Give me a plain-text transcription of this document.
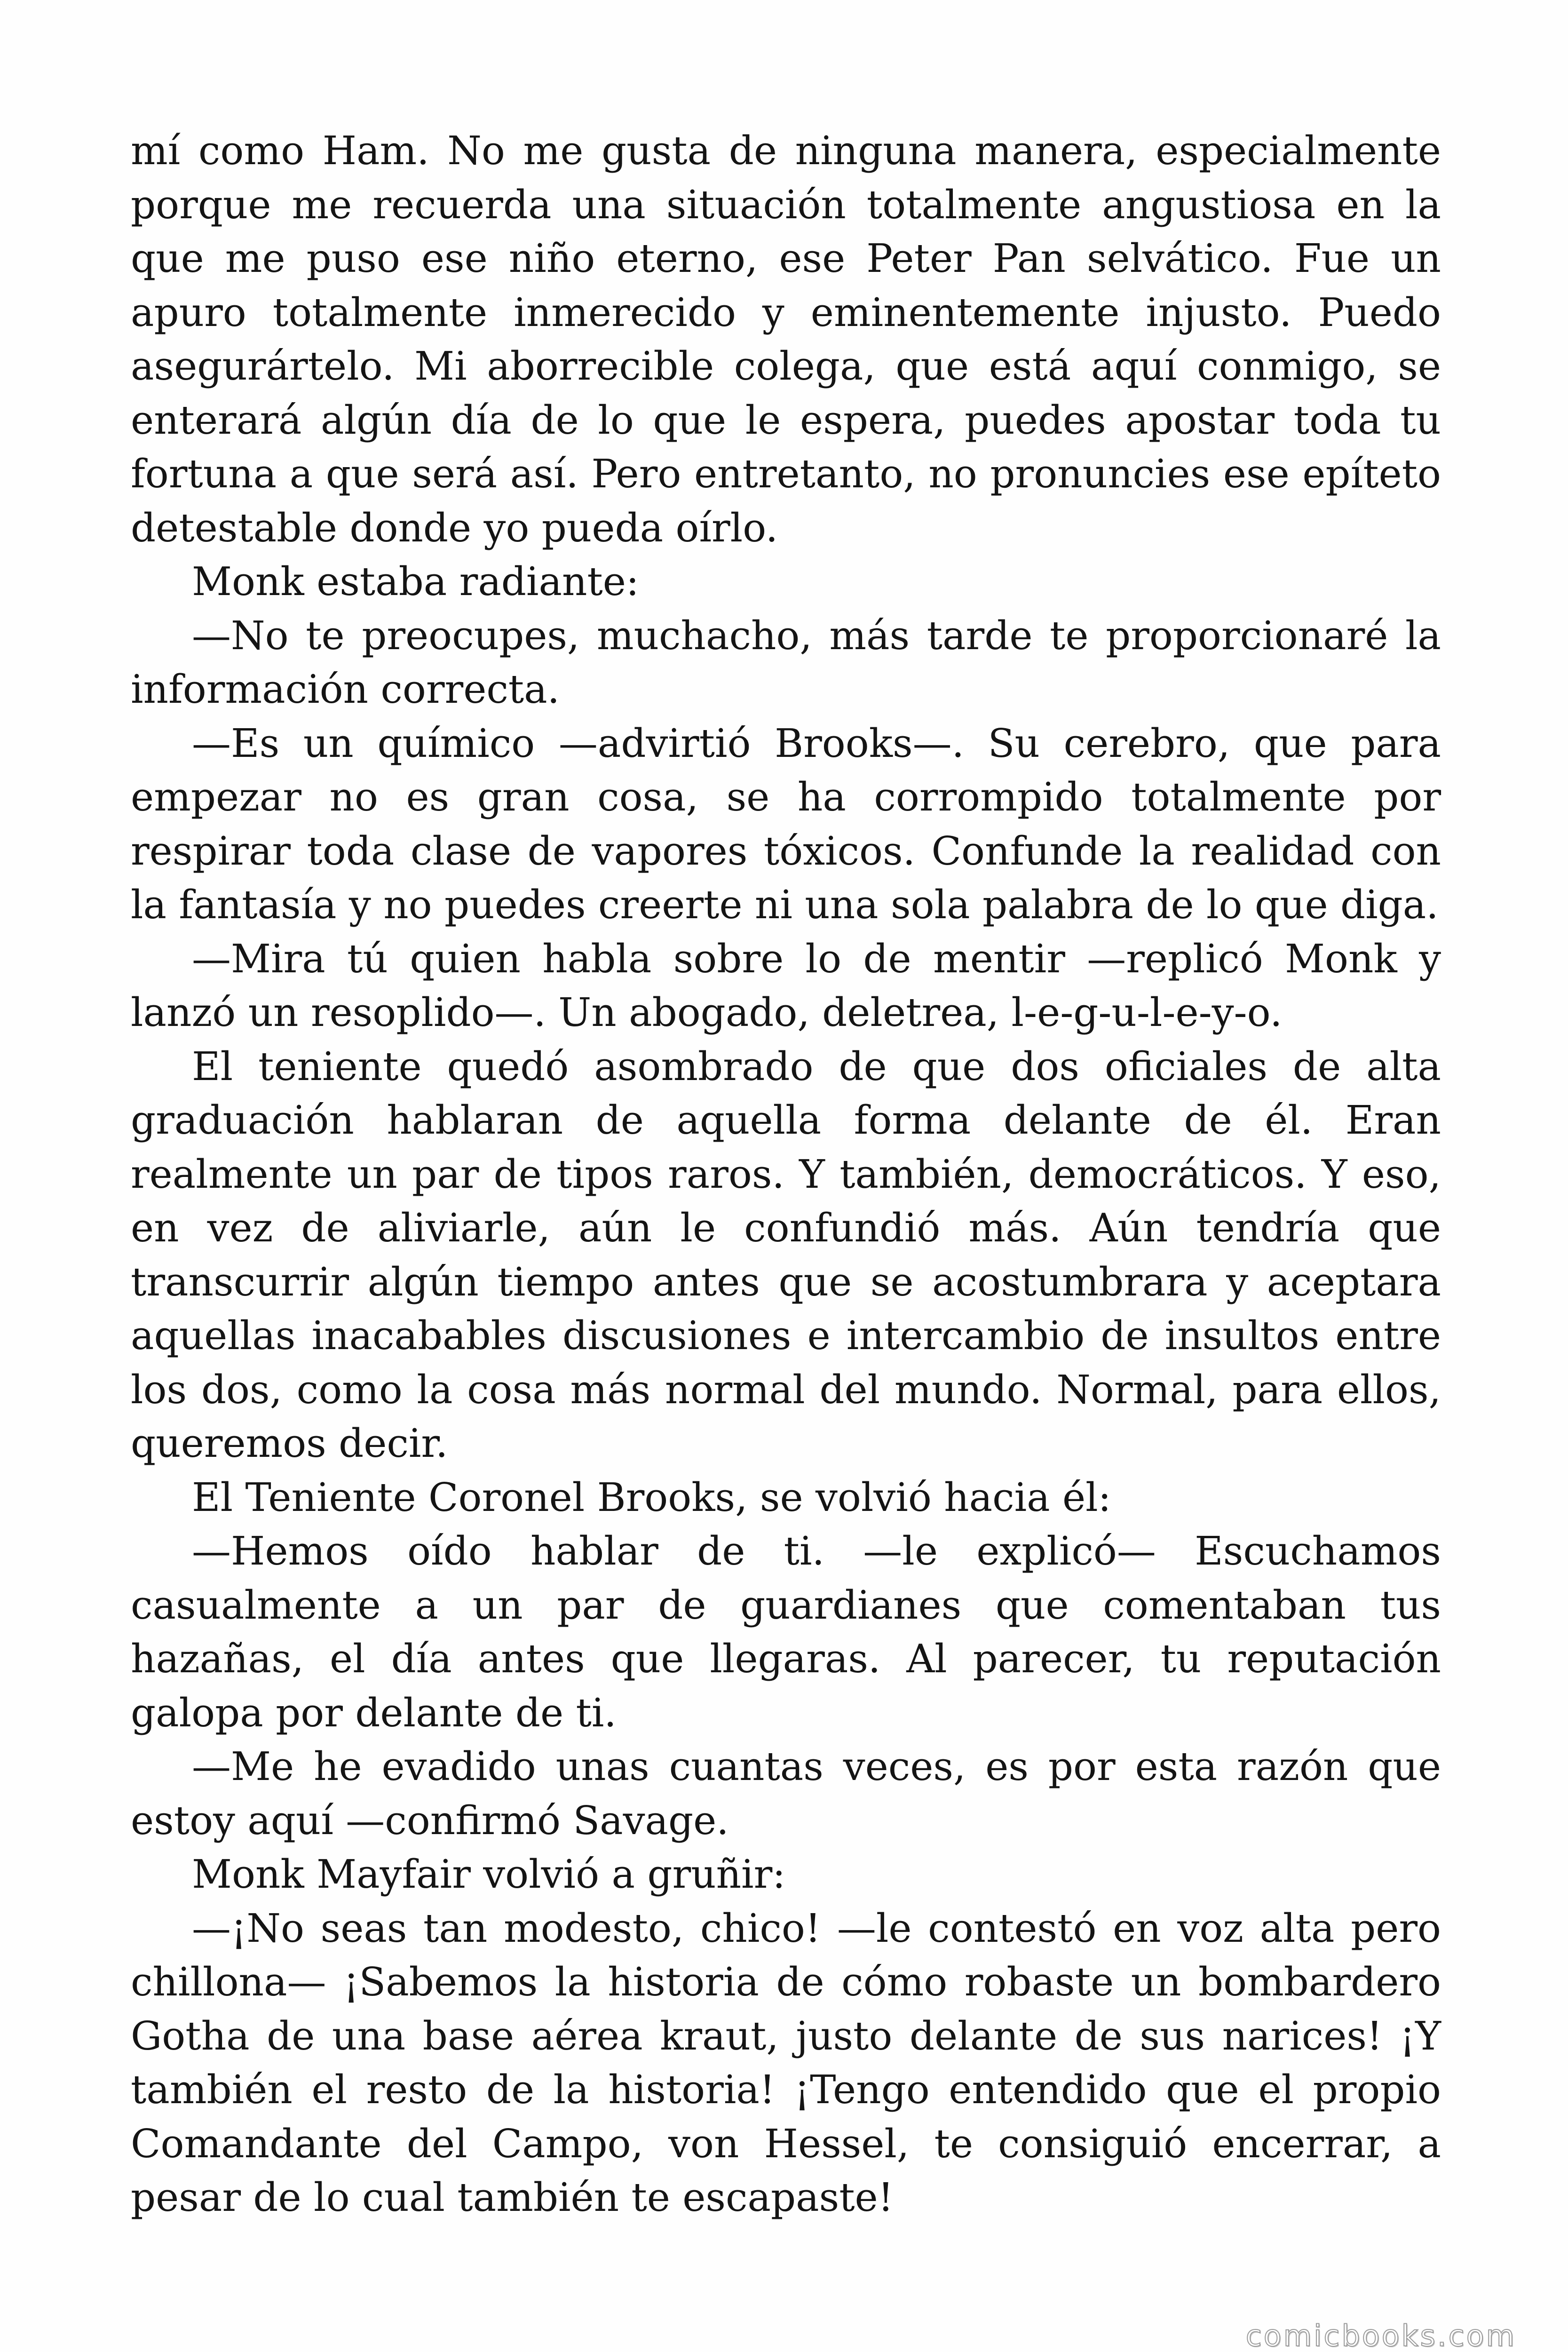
mí como Ham. No me gusta de ninguna manera, especialmente porque me recuerda una situación totalmente angustiosa en la que me puso ese niño eterno, ese Peter Pan selvático. Fue un apuro totalmente inmerecido y eminentemente injusto. Puedo asegurártelo. Mi aborrecible colega, que está aquí conmigo, se enterará algún día de lo que le espera, puedes apostar toda tu fortuna a que será así. Pero entretanto, no pronuncies ese epíteto detestable donde yo pueda oírlo.

Monk estaba radiante:

—No te preocupes, muchacho, más tarde te proporcionaré la información correcta.

—Es un químico —advirtió Brooks—. Su cerebro, que para empezar no es gran cosa, se ha corrompido totalmente por respirar toda clase de vapores tóxicos. Confunde la realidad con la fantasía y no puedes creerte ni una sola palabra de lo que diga.

—Mira tú quien habla sobre lo de mentir —replicó Monk y lanzó un resoplido—. Un abogado, deletrea, l-e-g-u-l-e-y-o.

El teniente quedó asombrado de que dos oficiales de alta graduación hablaran de aquella forma delante de él. Eran realmente un par de tipos raros. Y también, democráticos. Y eso, en vez de aliviarle, aún le confundió más. Aún tendría que transcurrir algún tiempo antes que se acostumbrara y aceptara aquellas inacabables discusiones e intercambio de insultos entre los dos, como la cosa más normal del mundo. Normal, para ellos, queremos decir.

El Teniente Coronel Brooks, se volvió hacia él:

—Hemos oído hablar de ti. —le explicó— Escuchamos casualmente a un par de guardianes que comentaban tus hazañas, el día antes que llegaras. Al parecer, tu reputación galopa por delante de ti.

—Me he evadido unas cuantas veces, es por esta razón que estoy aquí —confirmó Savage.

Monk Mayfair volvió a gruñir:

—¡No seas tan modesto, chico! —le contestó en voz alta pero chillona— ¡Sabemos la historia de cómo robaste un bombardero Gotha de una base aérea kraut, justo delante de sus narices! ¡Y también el resto de la historia! ¡Tengo entendido que el propio Comandante del Campo, von Hessel, te consiguió encerrar, a pesar de lo cual también te escapaste!

comicbooks.com
